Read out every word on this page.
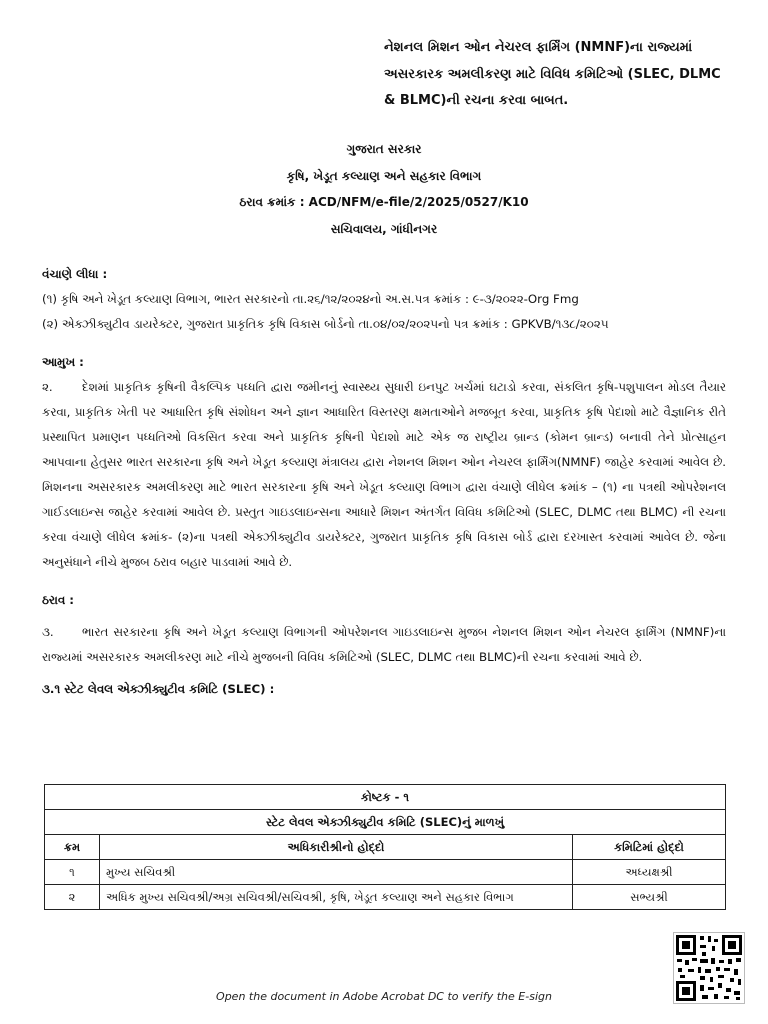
નેશનલ મિશન ઓન નેચરલ ફાર્મિંગ (NMNF)ના રાજ્યમાં

અસરકારક અમલીકરણ માટે વિવિધ કમિટિઓ (SLEC, DLMC

& BLMC)ની રચના કરવા બાબત.

ગુજરાત સરકાર

કૃષિ, ખેડૂત કલ્યાણ અને સહકાર વિભાગ

ઠરાવ ક્રમાંક : ACD/NFM/e-file/2/2025/0527/K10

સચિવાલય, ગાંધીનગર

વંચાણે લીધા :

(૧) કૃષિ અને ખેડૂત કલ્યાણ વિભાગ, ભારત સરકારનો તા.૨૬/૧૨/૨૦૨૪નો અ.સ.પત્ર ક્રમાંક : ૯-૩/૨૦૨૨-Org Fmg

(૨) એક્ઝીક્યુટીવ ડાયરેક્ટર, ગુજરાત પ્રાકૃતિક કૃષિ વિકાસ બોર્ડનો તા.૦૪/૦૨/૨૦૨૫નો પત્ર ક્રમાંક : GPKVB/૧૩૮/૨૦૨૫

આમુખ :

૨. દેશમાં પ્રાકૃતિક કૃષિની વૈકલ્પિક પધ્ધતિ દ્વારા જમીનનું સ્વાસ્થ્ય સુધારી ઇનપુટ ખર્ચમાં ઘટાડો કરવા, સંકલિત કૃષિ-પશુપાલન મોડલ તૈયાર કરવા, પ્રાકૃતિક ખેતી પર આધારિત કૃષિ સંશોધન અને જ્ઞાન આધારિત વિસ્તરણ ક્ષમતાઓને મજબૂત કરવા, પ્રાકૃતિક કૃષિ પેદાશો માટે વૈજ્ઞાનિક રીતે પ્રસ્થાપિત પ્રમાણન પધ્ધતિઓ વિકસિત કરવા અને પ્રાકૃતિક કૃષિની પેદાશો માટે એક જ રાષ્ટ્રીય બ્રાન્ડ (કોમન બ્રાન્ડ) બનાવી તેને પ્રોત્સાહન આપવાના હેતુસર ભારત સરકારના કૃષિ અને ખેડૂત કલ્યાણ મંત્રાલય દ્વારા નેશનલ મિશન ઓન નેચરલ ફાર્મિંગ(NMNF) જાહેર કરવામાં આવેલ છે. મિશનના અસરકારક અમલીકરણ માટે ભારત સરકારના કૃષિ અને ખેડૂત કલ્યાણ વિભાગ દ્વારા વંચાણે લીધેલ ક્રમાંક – (૧) ના પત્રથી ઓપરેશનલ ગાઈડલાઇન્સ જાહેર કરવામાં આવેલ છે. પ્રસ્તુત ગાઇડલાઇન્સના આધારે મિશન અંતર્ગત વિવિધ કમિટિઓ (SLEC, DLMC તથા BLMC) ની રચના કરવા વંચાણે લીધેલ ક્રમાંક- (૨)ના પત્રથી એક્ઝીક્યુટીવ ડાયરેક્ટર, ગુજરાત પ્રાકૃતિક કૃષિ વિકાસ બોર્ડ દ્વારા દરખાસ્ત કરવામાં આવેલ છે. જેના અનુસંધાને નીચે મુજબ ઠરાવ બહાર પાડવામાં આવે છે.

ઠરાવ :

૩. ભારત સરકારના કૃષિ અને ખેડૂત કલ્યાણ વિભાગની ઓપરેશનલ ગાઇડલાઇન્સ મુજબ નેશનલ મિશન ઓન નેચરલ ફાર્મિંગ (NMNF)ના રાજ્યમાં અસરકારક અમલીકરણ માટે નીચે મુજબની વિવિધ કમિટિઓ (SLEC, DLMC તથા BLMC)ની રચના કરવામાં આવે છે.

૩.૧ સ્ટેટ લેવલ એક્ઝીક્યુટીવ કમિટિ (SLEC) :

કોષ્ટક - ૧		
સ્ટેટ લેવલ એક્ઝીક્યુટીવ કમિટિ (SLEC)નું માળખું		
ક્રમ	અધિકારીશ્રીનો હોદ્દો	કમિટિમાં હોદ્દો
૧	મુખ્ય સચિવશ્રી	અધ્યક્ષશ્રી
૨	અધિક મુખ્ય સચિવશ્રી/અગ્ર સચિવશ્રી/સચિવશ્રી, કૃષિ, ખેડૂત કલ્યાણ અને સહકાર વિભાગ	સભ્યશ્રી
Open the document in Adobe Acrobat DC to verify the E-sign
